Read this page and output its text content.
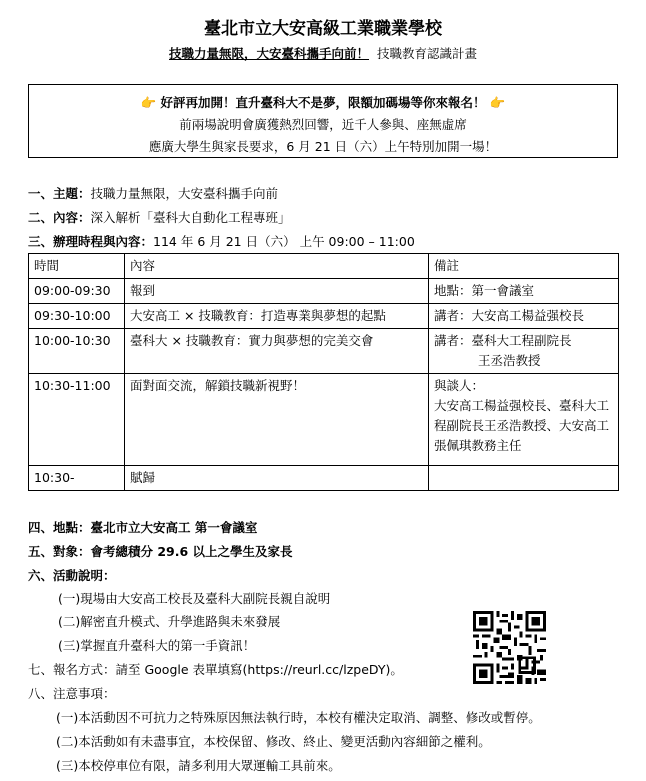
臺北市立大安高級工業職業學校
技職力量無限，大安臺科攜手向前！ 技職教育認識計畫
👉 好評再加開！直升臺科大不是夢，限額加碼場等你來報名！ 👉
前兩場說明會廣獲熱烈回響，近千人參與、座無虛席
應廣大學生與家長要求，6 月 21 日（六）上午特別加開一場！
一、主題：技職力量無限，大安臺科攜手向前
二、內容：深入解析「臺科大自動化工程專班」
三、辦理時程與內容：114 年 6 月 21 日（六） 上午 09:00 – 11:00
時間	內容	備註
09:00-09:30	報到	地點：第一會議室
09:30-10:00	大安高工 × 技職教育：打造專業與夢想的起點	講者：大安高工楊益强校長
10:00-10:30	臺科大 × 技職教育：實力與夢想的完美交會	講者：臺科大工程副院長
王丞浩教授

10:30-11:00	面對面交流，解鎖技職新視野！	與談人：
大安高工楊益强校長、臺科大工程副院長王丞浩教授、大安高工張佩琪教務主任
10:30-	賦歸	
四、地點：臺北市立大安高工 第一會議室
五、對象：會考總積分 29.6 以上之學生及家長
六、活動說明：
(一)現場由大安高工校長及臺科大副院長親自說明
(二)解密直升模式、升學進路與未來發展
(三)掌握直升臺科大的第一手資訊！
七、報名方式：請至 Google 表單填寫(https://reurl.cc/lzpeDY)。
八、注意事項：
(一)本活動因不可抗力之特殊原因無法執行時，本校有權決定取消、調整、修改或暫停。
(二)本活動如有未盡事宜，本校保留、修改、終止、變更活動內容細節之權利。
(三)本校停車位有限，請多利用大眾運輸工具前來。
